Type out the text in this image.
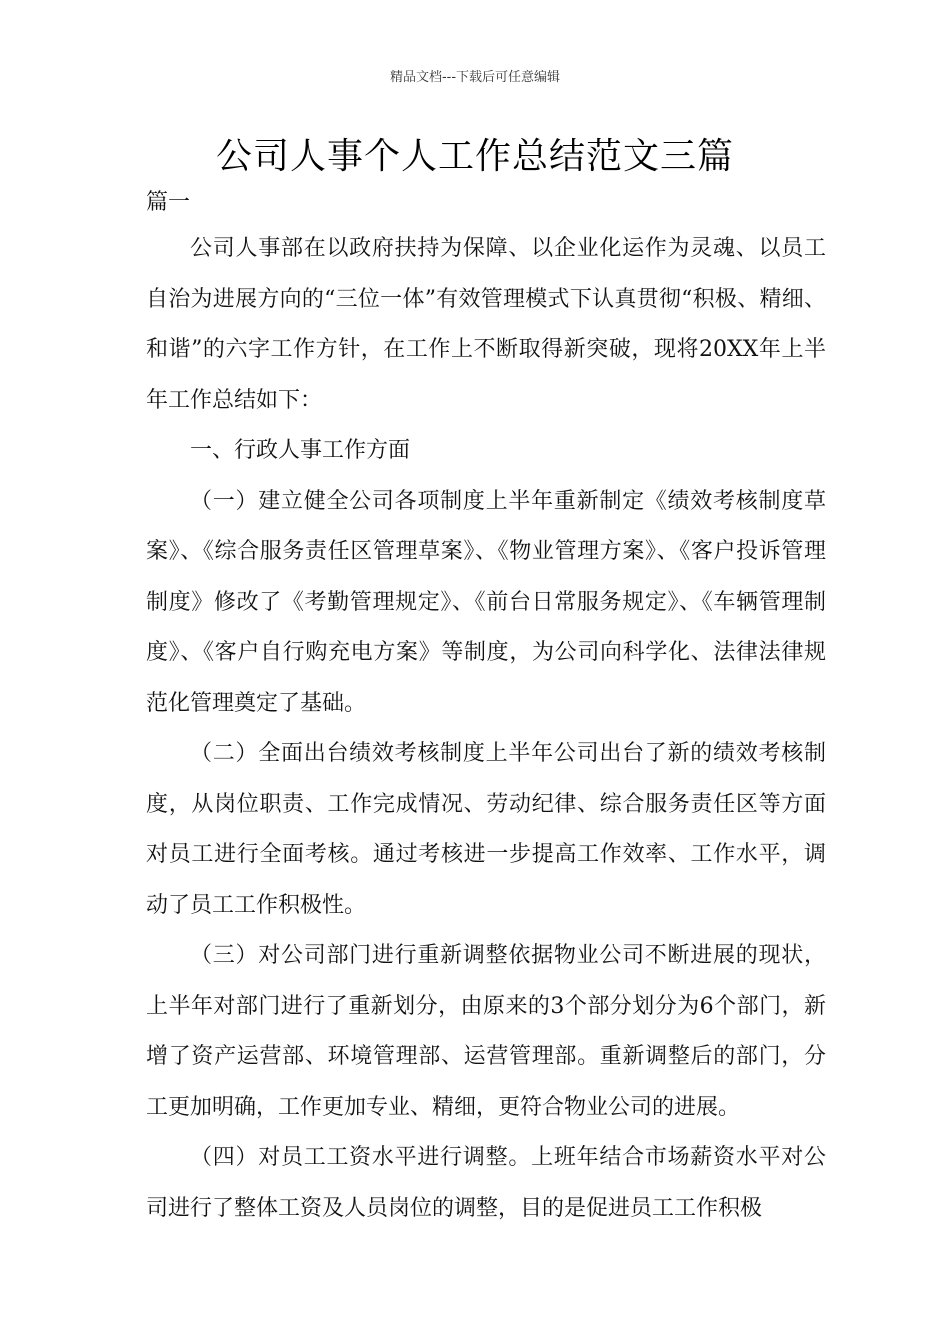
精品文档---下载后可任意编辑
公司人事个人工作总结范文三篇
篇一

公司人事部在以政府扶持为保障、以企业化运作为灵魂、以员工自治为进展方向的“三位一体”有效管理模式下认真贯彻“积极、精细、和谐”的六字工作方针，在工作上不断取得新突破，现将20XX年上半年工作总结如下：

一、行政人事工作方面

（一）建立健全公司各项制度上半年重新制定《绩效考核制度草案》、《综合服务责任区管理草案》、《物业管理方案》、《客户投诉管理制度》修改了《考勤管理规定》、《前台日常服务规定》、《车辆管理制度》、《客户自行购充电方案》等制度，为公司向科学化、法律法律规范化管理奠定了基础。

（二）全面出台绩效考核制度上半年公司出台了新的绩效考核制度，从岗位职责、工作完成情况、劳动纪律、综合服务责任区等方面对员工进行全面考核。通过考核进一步提高工作效率、工作水平，调动了员工工作积极性。

（三）对公司部门进行重新调整依据物业公司不断进展的现状，上半年对部门进行了重新划分，由原来的3个部分划分为6个部门，新增了资产运营部、环境管理部、运营管理部。重新调整后的部门，分工更加明确，工作更加专业、精细，更符合物业公司的进展。

（四）对员工工资水平进行调整。上班年结合市场薪资水平对公司进行了整体工资及人员岗位的调整，目的是促进员工工作积极
